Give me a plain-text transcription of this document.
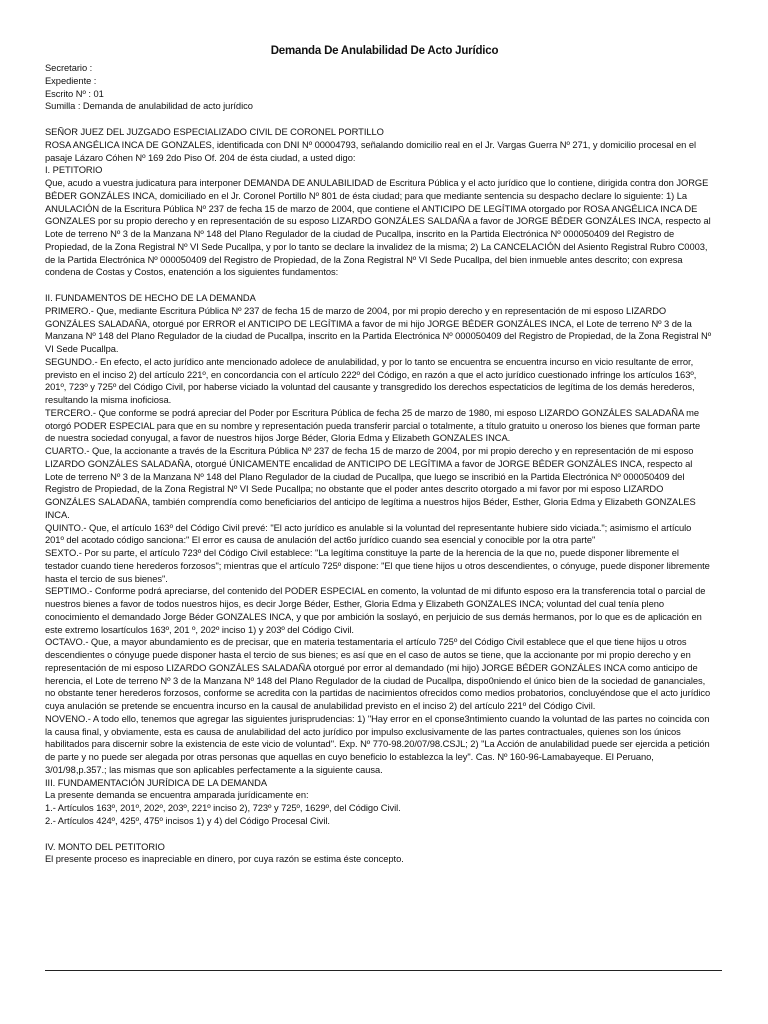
Demanda De Anulabilidad De Acto Jurídico

Secretario :

Expediente :

Escrito Nº : 01

Sumilla : Demanda de anulabilidad de acto jurídico

SEÑOR JUEZ DEL JUZGADO ESPECIALIZADO CIVIL DE CORONEL PORTILLO

ROSA ANGÉLICA INCA DE GONZALES, identificada con DNI Nº 00004793, señalando domicilio real en el Jr. Vargas Guerra Nº 271, y domicilio procesal en el pasaje Lázaro Cóhen Nº 169 2do Piso Of. 204 de ésta ciudad, a usted digo:

I. PETITORIO

Que, acudo a vuestra judicatura para interponer DEMANDA DE ANULABILIDAD de Escritura Pública y el acto jurídico que lo contiene, dirigida contra don JORGE BÉDER GONZÁLES INCA, domiciliado en el Jr. Coronel Portillo Nº 801 de ésta ciudad; para que mediante sentencia su despacho declare lo siguiente: 1) La ANULACIÓN de la Escritura Pública Nº 237 de fecha 15 de marzo de 2004, que contiene el ANTICIPO DE LEGÍTIMA otorgado por ROSA ANGÉLICA INCA DE GONZALES por su propio derecho y en representación de su esposo LIZARDO GONZÁLES SALDAÑA a favor de JORGE BÉDER GONZÁLES INCA, respecto al Lote de terreno Nº 3 de la Manzana Nº 148 del Plano Regulador de la ciudad de Pucallpa, inscrito en la Partida Electrónica Nº 000050409 del Registro de Propiedad, de la Zona Registral Nº VI Sede Pucallpa, y por lo tanto se declare la invalidez de la misma; 2) La CANCELACIÓN del Asiento Registral Rubro C0003, de la Partida Electrónica Nº 000050409 del Registro de Propiedad, de la Zona Registral Nº VI Sede Pucallpa, del bien inmueble antes descrito; con expresa condena de Costas y Costos, enatención a los siguientes fundamentos:

II. FUNDAMENTOS DE HECHO DE LA DEMANDA

PRIMERO.- Que, mediante Escritura Pública Nº 237 de fecha 15 de marzo de 2004, por mi propio derecho y en representación de mi esposo LIZARDO GONZÁLES SALADAÑA, otorgué por ERROR el ANTICIPO DE LEGÍTIMA a favor de mi hijo JORGE BÉDER GONZÁLES INCA, el Lote de terreno Nº 3 de la Manzana Nº 148 del Plano Regulador de la ciudad de Pucallpa, inscrito en la Partida Electrónica Nº 000050409 del Registro de Propiedad, de la Zona Registral Nº VI Sede Pucallpa.

SEGUNDO.- En efecto, el acto jurídico ante mencionado adolece de anulabilidad, y por lo tanto se encuentra se encuentra incurso en vicio resultante de error, previsto en el inciso 2) del artículo 221º, en concordancia con el artículo 222º del Código, en razón a que el acto jurídico cuestionado infringe los artículos 163º, 201º, 723º y 725º del Código Civil, por haberse viciado la voluntad del causante y transgredido los derechos espectaticios de legítima de los demás herederos, resultando la misma inoficiosa.

TERCERO.- Que conforme se podrá apreciar del Poder por Escritura Pública de fecha 25 de marzo de 1980, mi esposo LIZARDO GONZÁLES SALADAÑA me otorgó PODER ESPECIAL para que en su nombre y representación pueda transferir parcial o totalmente, a título gratuito u oneroso los bienes que forman parte de nuestra sociedad conyugal, a favor de nuestros hijos Jorge Béder, Gloria Edma y Elizabeth GONZALES INCA.

CUARTO.- Que, la accionante a través de la Escritura Pública Nº 237 de fecha 15 de marzo de 2004, por mi propio derecho y en representación de mi esposo LIZARDO GONZÁLES SALADAÑA, otorgué ÚNICAMENTE encalidad de ANTICIPO DE LEGÍTIMA a favor de JORGE BÉDER GONZÁLES INCA, respecto al Lote de terreno Nº 3 de la Manzana Nº 148 del Plano Regulador de la ciudad de Pucallpa, que luego se inscribió en la Partida Electrónica Nº 000050409 del Registro de Propiedad, de la Zona Registral Nº VI Sede Pucallpa; no obstante que el poder antes descrito otorgado a mi favor por mi esposo LIZARDO GONZÁLES SALADAÑA, también comprendía como beneficiarios del anticipo de legítima a nuestros hijos Béder, Esther, Gloria Edma y Elizabeth GONZALES INCA.

QUINTO.- Que, el artículo 163º del Código Civil prevé: "El acto jurídico es anulable si la voluntad del representante hubiere sido viciada."; asimismo el artículo 201º del acotado código sanciona:" El error es causa de anulación del act6o jurídico cuando sea esencial y conocible por la otra parte"

SEXTO.- Por su parte, el artículo 723º del Código Civil establece: "La legítima constituye la parte de la herencia de la que no, puede disponer libremente el testador cuando tiene herederos forzosos"; mientras que el artículo 725º dispone: "El que tiene hijos u otros descendientes, o cónyuge, puede disponer libremente hasta el tercio de sus bienes".

SEPTIMO.- Conforme podrá apreciarse, del contenido del PODER ESPECIAL en comento, la voluntad de mi difunto esposo era la transferencia total o parcial de nuestros bienes a favor de todos nuestros hijos, es decir Jorge Béder, Esther, Gloria Edma y Elizabeth GONZALES INCA; voluntad del cual tenía pleno conocimiento el demandado Jorge Béder GONZALES INCA, y que por ambición la soslayó, en perjuicio de sus demás hermanos, por lo que es de aplicación en este extremo losartículos 163º, 201 º, 202º inciso 1) y 203º del Código Civil.

OCTAVO.- Que, a mayor abundamiento es de precisar, que en materia testamentaria el artículo 725º del Código Civil establece que el que tiene hijos u otros descendientes o cónyuge puede disponer hasta el tercio de sus bienes; es así que en el caso de autos se tiene, que la accionante por mi propio derecho y en representación de mi esposo LIZARDO GONZÁLES SALADAÑA otorgué por error al demandado (mi hijo) JORGE BÉDER GONZÁLES INCA como anticipo de herencia, el Lote de terreno Nº 3 de la Manzana Nº 148 del Plano Regulador de la ciudad de Pucallpa, dispo0niendo el único bien de la sociedad de gananciales, no obstante tener herederos forzosos, conforme se acredita con la partidas de nacimientos ofrecidos como medios probatorios, concluyéndose que el acto jurídico cuya anulación se pretende se encuentra incurso en la causal de anulabilidad previsto en el inciso 2) del artículo 221º del Código Civil.

NOVENO.- A todo ello, tenemos que agregar las siguientes jurisprudencias: 1) "Hay error en el cponse3ntimiento cuando la voluntad de las partes no coincida con la causa final, y obviamente, esta es causa de anulabilidad del acto jurídico por impulso exclusivamente de las partes contractuales, quienes son los únicos habilitados para discernir sobre la existencia de este vicio de voluntad". Exp. Nº 770-98.20/07/98.CSJL; 2) "La Acción de anulabilidad puede ser ejercida a petición de parte y no puede ser alegada por otras personas que aquellas en cuyo beneficio lo establezca la ley". Cas. Nº 160-96-Lamabayeque. El Peruano, 3/01/98,p.357.; las mismas que son aplicables perfectamente a la siguiente causa.

III. FUNDAMENTACIÓN JURÍDICA DE LA DEMANDA

La presente demanda se encuentra amparada jurídicamente en:

1.- Artículos 163º, 201º, 202º, 203º, 221º inciso 2), 723º y 725º, 1629º, del Código Civil.

2.- Artículos 424º, 425º, 475º incisos 1) y 4) del Código Procesal Civil.

IV. MONTO DEL PETITORIO

El presente proceso es inapreciable en dinero, por cuya razón se estima éste concepto.
